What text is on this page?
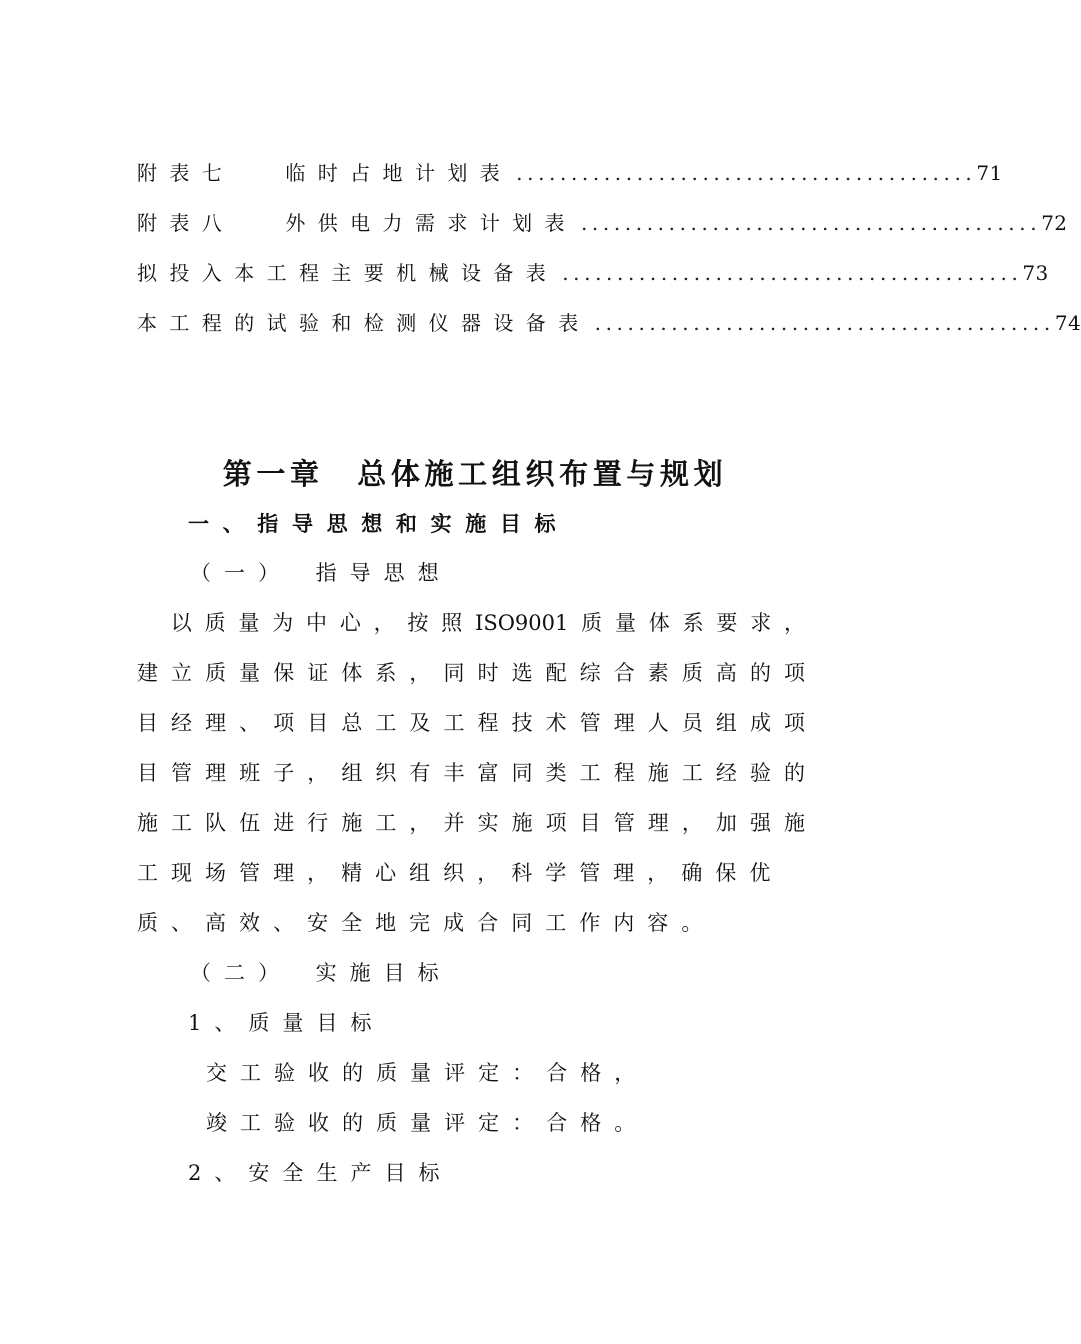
附表七　 临时占地计划表 .......................................... 71
附表八　 外供电力需求计划表 .......................................... 72
拟投入本工程主要机械设备表 .......................................... 73
本工程的试验和检测仪器设备表 .......................................... 74
第一章　总体施工组织布置与规划
一、指导思想和实施目标
（一）　指导思想
　以质量为中心，按照ISO9001质量体系要求，
建立质量保证体系，同时选配综合素质高的项
目经理、项目总工及工程技术管理人员组成项
目管理班子，组织有丰富同类工程施工经验的
施工队伍进行施工，并实施项目管理，加强施
工现场管理，精心组织，科学管理，确保优
质、高效、安全地完成合同工作内容。
（二）　实施目标
1、质量目标
交工验收的质量评定：合格，
竣工验收的质量评定：合格。
2、安全生产目标
